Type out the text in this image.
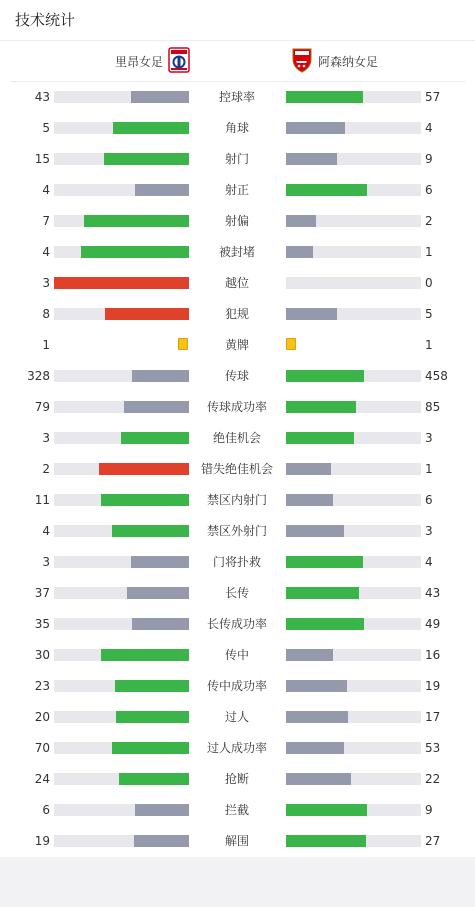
技术统计
里昂女足	阿森纳女足
43	控球率	57
5	角球	4
15	射门	9
4	射正	6
7	射偏	2
4	被封堵	1
3	越位	0
8	犯规	5
1	黄牌	1
328	传球	458
79	传球成功率	85
3	绝佳机会	3
2	错失绝佳机会	1
11	禁区内射门	6
4	禁区外射门	3
3	门将扑救	4
37	长传	43
35	长传成功率	49
30	传中	16
23	传中成功率	19
20	过人	17
70	过人成功率	53
24	抢断	22
6	拦截	9
19	解围	27
